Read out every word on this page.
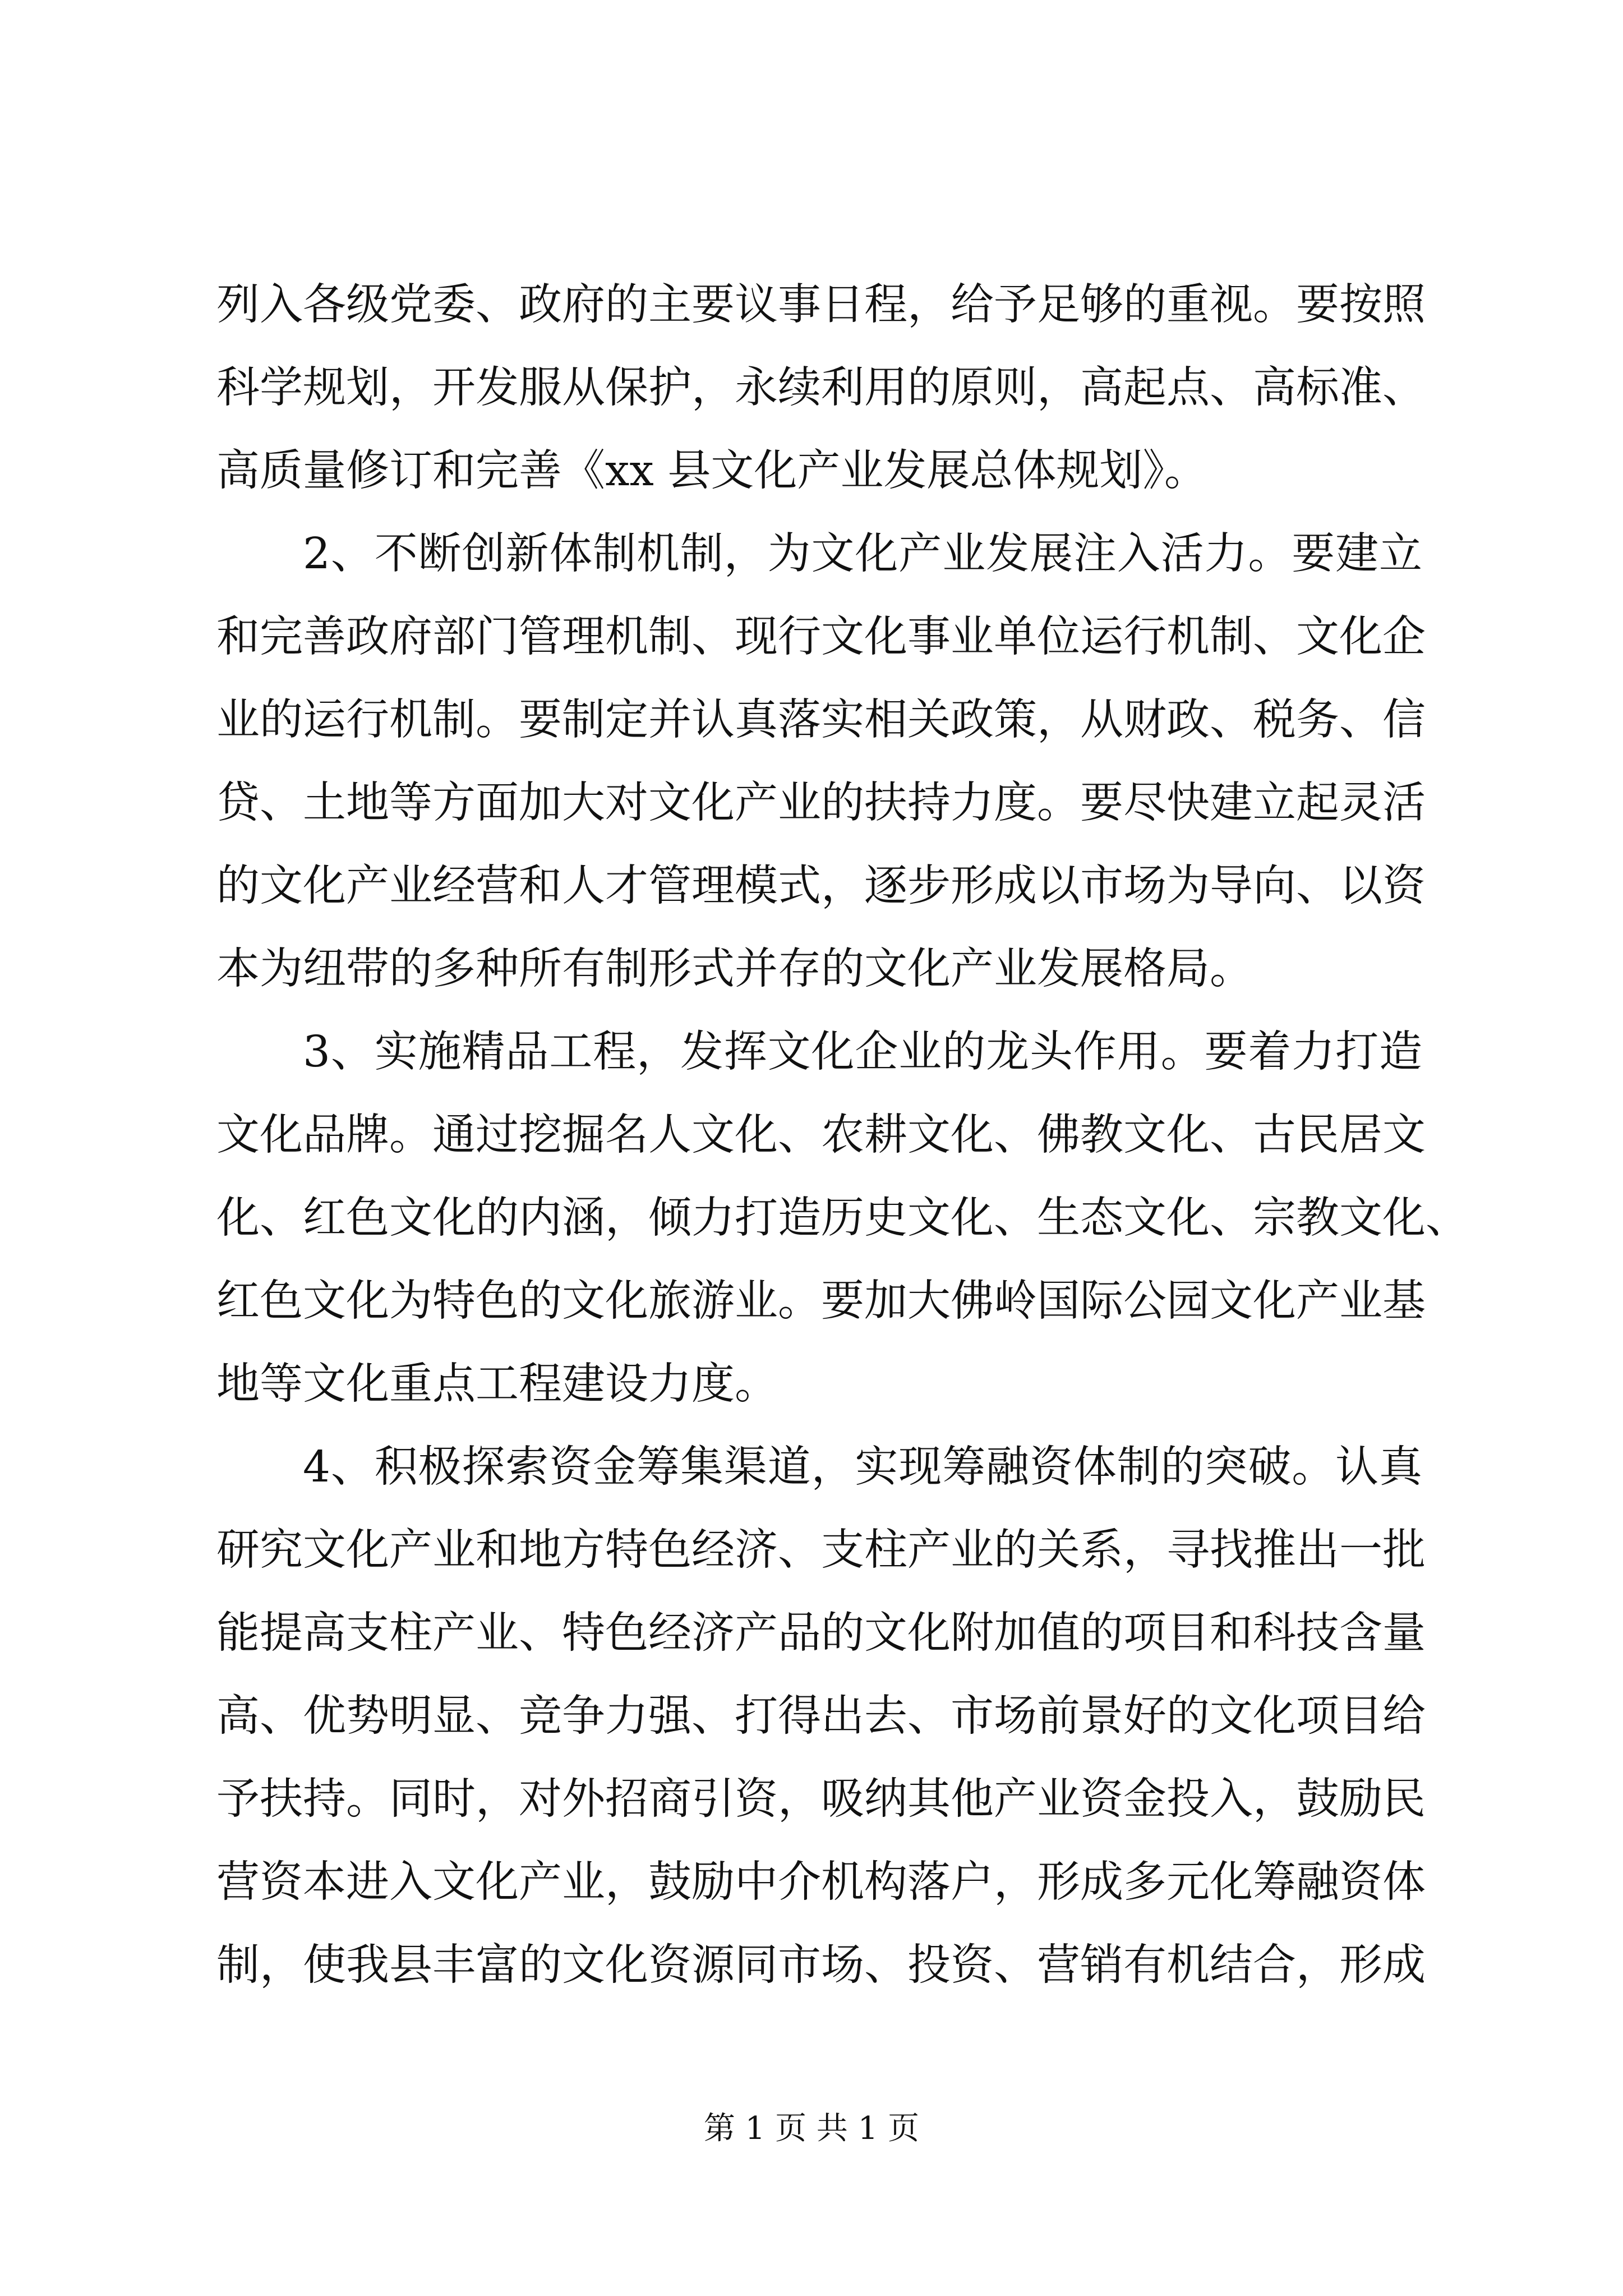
列入各级党委、政府的主要议事日程，给予足够的重视。要按照
科学规划，开发服从保护，永续利用的原则，高起点、高标准、
高质量修订和完善《xx 县文化产业发展总体规划》。
2、不断创新体制机制，为文化产业发展注入活力。要建立
和完善政府部门管理机制、现行文化事业单位运行机制、文化企
业的运行机制。要制定并认真落实相关政策，从财政、税务、信
贷、土地等方面加大对文化产业的扶持力度。要尽快建立起灵活
的文化产业经营和人才管理模式，逐步形成以市场为导向、以资
本为纽带的多种所有制形式并存的文化产业发展格局。
3、实施精品工程，发挥文化企业的龙头作用。要着力打造
文化品牌。通过挖掘名人文化、农耕文化、佛教文化、古民居文
化、红色文化的内涵，倾力打造历史文化、生态文化、宗教文化、
红色文化为特色的文化旅游业。要加大佛岭国际公园文化产业基
地等文化重点工程建设力度。
4、积极探索资金筹集渠道，实现筹融资体制的突破。认真
研究文化产业和地方特色经济、支柱产业的关系，寻找推出一批
能提高支柱产业、特色经济产品的文化附加值的项目和科技含量
高、优势明显、竞争力强、打得出去、市场前景好的文化项目给
予扶持。同时，对外招商引资，吸纳其他产业资金投入，鼓励民
营资本进入文化产业，鼓励中介机构落户，形成多元化筹融资体
制，使我县丰富的文化资源同市场、投资、营销有机结合，形成
第 1 页 共 1 页
